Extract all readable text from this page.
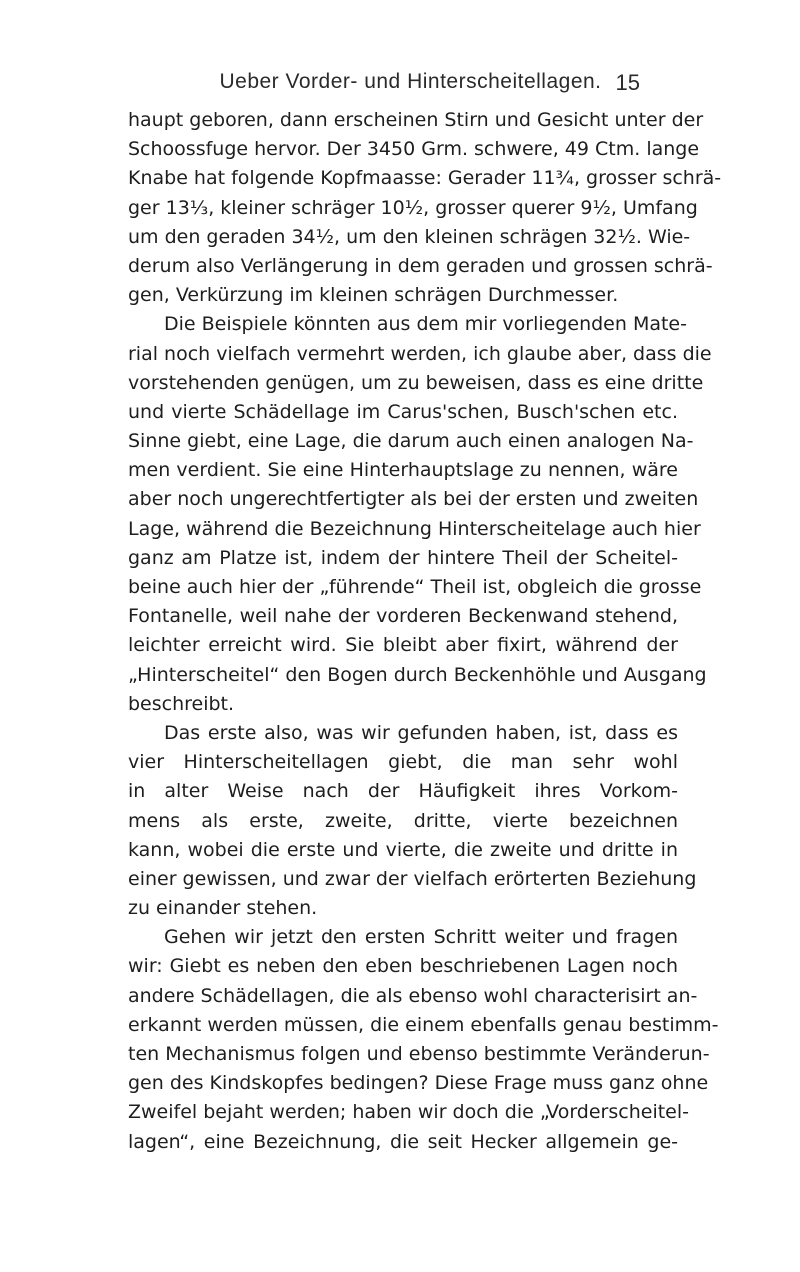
Ueber Vorder- und Hinterscheitellagen. 15
haupt geboren, dann erscheinen Stirn und Gesicht unter der
Schoossfuge hervor. Der 3450 Grm. schwere, 49 Ctm. lange
Knabe hat folgende Kopfmaasse: Gerader 11¾, grosser schrä-
ger 13⅓, kleiner schräger 10½, grosser querer 9½, Umfang
um den geraden 34½, um den kleinen schrägen 32½. Wie-
derum also Verlängerung in dem geraden und grossen schrä-
gen, Verkürzung im kleinen schrägen Durchmesser.
Die Beispiele könnten aus dem mir vorliegenden Mate-
rial noch vielfach vermehrt werden, ich glaube aber, dass die
vorstehenden genügen, um zu beweisen, dass es eine dritte
und vierte Schädellage im Carus'schen, Busch'schen etc.
Sinne giebt, eine Lage, die darum auch einen analogen Na-
men verdient. Sie eine Hinterhauptslage zu nennen, wäre
aber noch ungerechtfertigter als bei der ersten und zweiten
Lage, während die Bezeichnung Hinterscheitelage auch hier
ganz am Platze ist, indem der hintere Theil der Scheitel-
beine auch hier der „führende“ Theil ist, obgleich die grosse
Fontanelle, weil nahe der vorderen Beckenwand stehend,
leichter erreicht wird. Sie bleibt aber fixirt, während der
„Hinterscheitel“ den Bogen durch Beckenhöhle und Ausgang
beschreibt.
Das erste also, was wir gefunden haben, ist, dass es
vier Hinterscheitellagen giebt, die man sehr wohl
in alter Weise nach der Häufigkeit ihres Vorkom-
mens als erste, zweite, dritte, vierte bezeichnen
kann, wobei die erste und vierte, die zweite und dritte in
einer gewissen, und zwar der vielfach erörterten Beziehung
zu einander stehen.
Gehen wir jetzt den ersten Schritt weiter und fragen
wir: Giebt es neben den eben beschriebenen Lagen noch
andere Schädellagen, die als ebenso wohl characterisirt an-
erkannt werden müssen, die einem ebenfalls genau bestimm-
ten Mechanismus folgen und ebenso bestimmte Veränderun-
gen des Kindskopfes bedingen? Diese Frage muss ganz ohne
Zweifel bejaht werden; haben wir doch die „Vorderscheitel-
lagen“, eine Bezeichnung, die seit Hecker allgemein ge-
